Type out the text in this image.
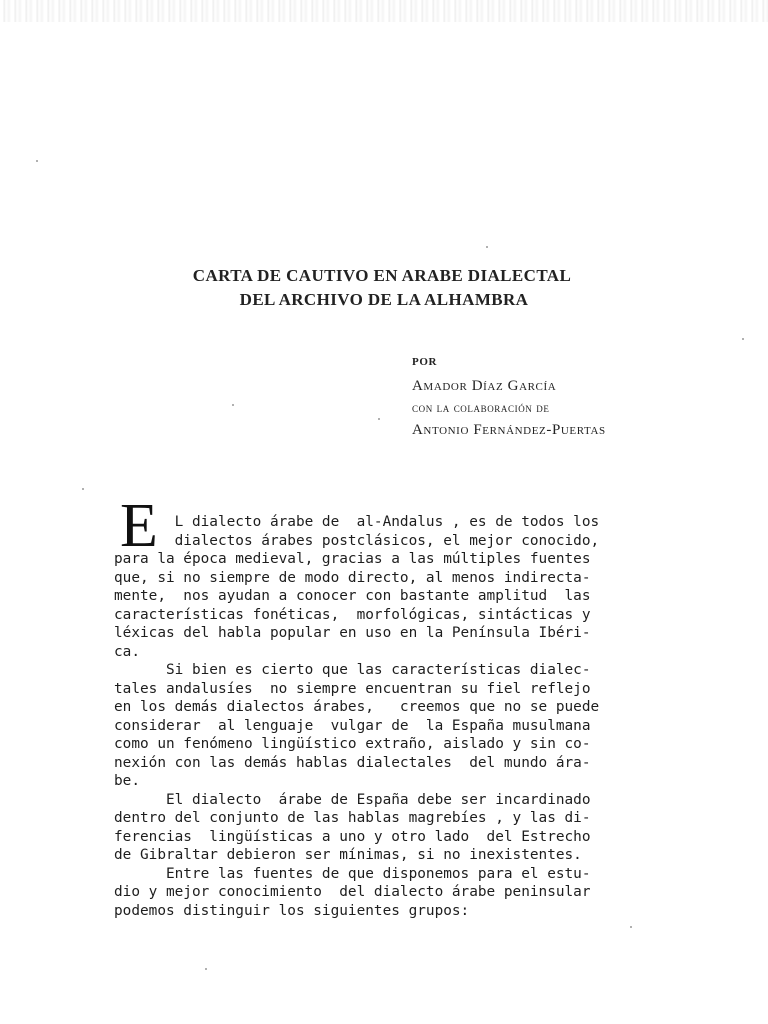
CARTA DE CAUTIVO EN ARABE DIALECTAL
DEL ARCHIVO DE LA ALHAMBRA
POR
Amador Díaz García
con la colaboración de
Antonio Fernández-Puertas
E
L dialecto árabe de  al-Andalus , es de todos los
dialectos árabes postclásicos, el mejor conocido,
para la época medieval, gracias a las múltiples fuentes
que, si no siempre de modo directo, al menos indirecta-
mente,  nos ayudan a conocer con bastante amplitud  las
características fonéticas,  morfológicas, sintácticas y
léxicas del habla popular en uso en la Península Ibéri-
ca.
Si bien es cierto que las características dialec-
tales andalusíes  no siempre encuentran su fiel reflejo
en los demás dialectos árabes,   creemos que no se puede
considerar  al lenguaje  vulgar de  la España musulmana
como un fenómeno lingüístico extraño, aislado y sin co-
nexión con las demás hablas dialectales  del mundo ára-
be.
El dialecto  árabe de España debe ser incardinado
dentro del conjunto de las hablas magrebíes , y las di-
ferencias  lingüísticas a uno y otro lado  del Estrecho
de Gibraltar debieron ser mínimas, si no inexistentes.
Entre las fuentes de que disponemos para el estu-
dio y mejor conocimiento  del dialecto árabe peninsular
podemos distinguir los siguientes grupos:
